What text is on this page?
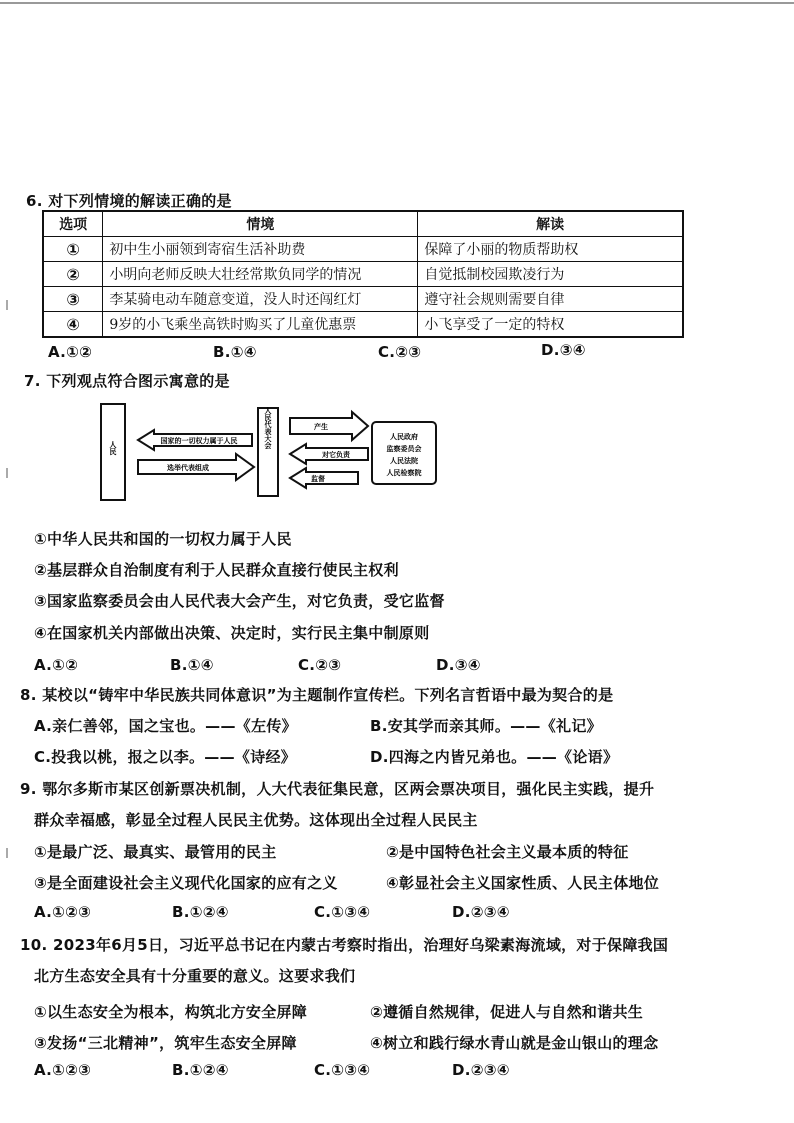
6. 对下列情境的解读正确的是
选项	情境	解读
①	初中生小丽领到寄宿生活补助费	保障了小丽的物质帮助权
②	小明向老师反映大壮经常欺负同学的情况	自觉抵制校园欺凌行为
③	李某骑电动车随意变道，没人时还闯红灯	遵守社会规则需要自律
④	9岁的小飞乘坐高铁时购买了儿童优惠票	小飞享受了一定的特权
A.①②	B.①④	C.②③	D.③④
7. 下列观点符合图示寓意的是
人民	国家的一切权力属于人民
选举代表组成
人民代表大会	产生
对它负责
监督
人民政府
监察委员会
人民法院
人民检察院
①中华人民共和国的一切权力属于人民
②基层群众自治制度有利于人民群众直接行使民主权利
③国家监察委员会由人民代表大会产生，对它负责，受它监督
④在国家机关内部做出决策、决定时，实行民主集中制原则
A.①②	B.①④	C.②③	D.③④
8. 某校以“铸牢中华民族共同体意识”为主题制作宣传栏。下列名言哲语中最为契合的是
A.亲仁善邻，国之宝也。——《左传》	B.安其学而亲其师。——《礼记》
C.投我以桃，报之以李。——《诗经》	D.四海之内皆兄弟也。——《论语》
9. 鄂尔多斯市某区创新票决机制，人大代表征集民意，区两会票决项目，强化民主实践，提升
群众幸福感，彰显全过程人民民主优势。这体现出全过程人民民主
①是最广泛、最真实、最管用的民主	②是中国特色社会主义最本质的特征
③是全面建设社会主义现代化国家的应有之义	④彰显社会主义国家性质、人民主体地位
A.①②③	B.①②④	C.①③④	D.②③④
10. 2023年6月5日，习近平总书记在内蒙古考察时指出，治理好乌梁素海流域，对于保障我国
北方生态安全具有十分重要的意义。这要求我们
①以生态安全为根本，构筑北方安全屏障	②遵循自然规律，促进人与自然和谐共生
③发扬“三北精神”，筑牢生态安全屏障	④树立和践行绿水青山就是金山银山的理念
A.①②③	B.①②④	C.①③④	D.②③④
